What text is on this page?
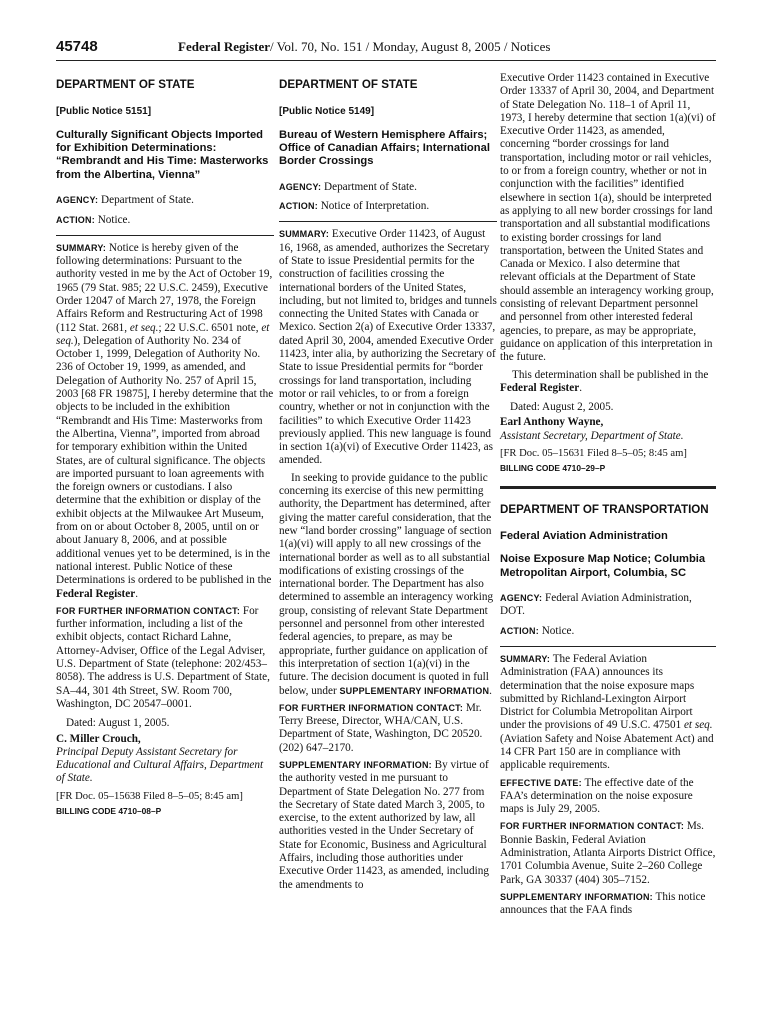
45748	Federal Register/ Vol. 70, No. 151 / Monday, August 8, 2005 / Notices
DEPARTMENT OF STATE
[Public Notice 5151]
Culturally Significant Objects Imported for Exhibition Determinations: “Rembrandt and His Time: Masterworks from the Albertina, Vienna”

AGENCY: Department of State.

ACTION: Notice.

SUMMARY: Notice is hereby given of the following determinations: Pursuant to the authority vested in me by the Act of October 19, 1965 (79 Stat. 985; 22 U.S.C. 2459), Executive Order 12047 of March 27, 1978, the Foreign Affairs Reform and Restructuring Act of 1998 (112 Stat. 2681, et seq.; 22 U.S.C. 6501 note, et seq.), Delegation of Authority No. 234 of October 1, 1999, Delegation of Authority No. 236 of October 19, 1999, as amended, and Delegation of Authority No. 257 of April 15, 2003 [68 FR 19875], I hereby determine that the objects to be included in the exhibition “Rembrandt and His Time: Masterworks from the Albertina, Vienna”, imported from abroad for temporary exhibition within the United States, are of cultural significance. The objects are imported pursuant to loan agreements with the foreign owners or custodians. I also determine that the exhibition or display of the exhibit objects at the Milwaukee Art Museum, from on or about October 8, 2005, until on or about January 8, 2006, and at possible additional venues yet to be determined, is in the national interest. Public Notice of these Determinations is ordered to be published in the Federal Register.

FOR FURTHER INFORMATION CONTACT: For further information, including a list of the exhibit objects, contact Richard Lahne, Attorney-Adviser, Office of the Legal Adviser, U.S. Department of State (telephone: 202/453–8058). The address is U.S. Department of State, SA–44, 301 4th Street, SW. Room 700, Washington, DC 20547–0001.

Dated: August 1, 2005.

C. Miller Crouch,

Principal Deputy Assistant Secretary for Educational and Cultural Affairs, Department of State.

[FR Doc. 05–15638 Filed 8–5–05; 8:45 am]

BILLING CODE 4710–08–P

DEPARTMENT OF STATE
[Public Notice 5149]
Bureau of Western Hemisphere Affairs; Office of Canadian Affairs; International Border Crossings

AGENCY: Department of State.

ACTION: Notice of Interpretation.

SUMMARY: Executive Order 11423, of August 16, 1968, as amended, authorizes the Secretary of State to issue Presidential permits for the construction of facilities crossing the international borders of the United States, including, but not limited to, bridges and tunnels connecting the United States with Canada or Mexico. Section 2(a) of Executive Order 13337, dated April 30, 2004, amended Executive Order 11423, inter alia, by authorizing the Secretary of State to issue Presidential permits for “border crossings for land transportation, including motor or rail vehicles, to or from a foreign country, whether or not in conjunction with the facilities” to which Executive Order 11423 previously applied. This new language is found in section 1(a)(vi) of Executive Order 11423, as amended.

In seeking to provide guidance to the public concerning its exercise of this new permitting authority, the Department has determined, after giving the matter careful consideration, that the new “land border crossing” language of section 1(a)(vi) will apply to all new crossings of the international border as well as to all substantial modifications of existing crossings of the international border. The Department has also determined to assemble an interagency working group, consisting of relevant State Department personnel and personnel from other interested federal agencies, to prepare, as may be appropriate, further guidance on application of this interpretation of section 1(a)(vi) in the future. The decision document is quoted in full below, under SUPPLEMENTARY INFORMATION.

FOR FURTHER INFORMATION CONTACT: Mr. Terry Breese, Director, WHA/CAN, U.S. Department of State, Washington, DC 20520. (202) 647–2170.

SUPPLEMENTARY INFORMATION: By virtue of the authority vested in me pursuant to Department of State Delegation No. 277 from the Secretary of State dated March 3, 2005, to exercise, to the extent authorized by law, all authorities vested in the Under Secretary of State for Economic, Business and Agricultural Affairs, including those authorities under Executive Order 11423, as amended, including the amendments to

Executive Order 11423 contained in Executive Order 13337 of April 30, 2004, and Department of State Delegation No. 118–1 of April 11, 1973, I hereby determine that section 1(a)(vi) of Executive Order 11423, as amended, concerning “border crossings for land transportation, including motor or rail vehicles, to or from a foreign country, whether or not in conjunction with the facilities” identified elsewhere in section 1(a), should be interpreted as applying to all new border crossings for land transportation and all substantial modifications to existing border crossings for land transportation, between the United States and Canada or Mexico. I also determine that relevant officials at the Department of State should assemble an interagency working group, consisting of relevant Department personnel and personnel from other interested federal agencies, to prepare, as may be appropriate, guidance on application of this interpretation in the future.

This determination shall be published in the Federal Register.

Dated: August 2, 2005.

Earl Anthony Wayne,

Assistant Secretary, Department of State.

[FR Doc. 05–15631 Filed 8–5–05; 8:45 am]

BILLING CODE 4710–29–P

DEPARTMENT OF TRANSPORTATION
Federal Aviation Administration
Noise Exposure Map Notice; Columbia Metropolitan Airport, Columbia, SC

AGENCY: Federal Aviation Administration, DOT.

ACTION: Notice.

SUMMARY: The Federal Aviation Administration (FAA) announces its determination that the noise exposure maps submitted by Richland-Lexington Airport District for Columbia Metropolitan Airport under the provisions of 49 U.S.C. 47501 et seq. (Aviation Safety and Noise Abatement Act) and 14 CFR Part 150 are in compliance with applicable requirements.

EFFECTIVE DATE: The effective date of the FAA’s determination on the noise exposure maps is July 29, 2005.

FOR FURTHER INFORMATION CONTACT: Ms. Bonnie Baskin, Federal Aviation Administration, Atlanta Airports District Office, 1701 Columbia Avenue, Suite 2–260 College Park, GA 30337 (404) 305–7152.

SUPPLEMENTARY INFORMATION: This notice announces that the FAA finds
